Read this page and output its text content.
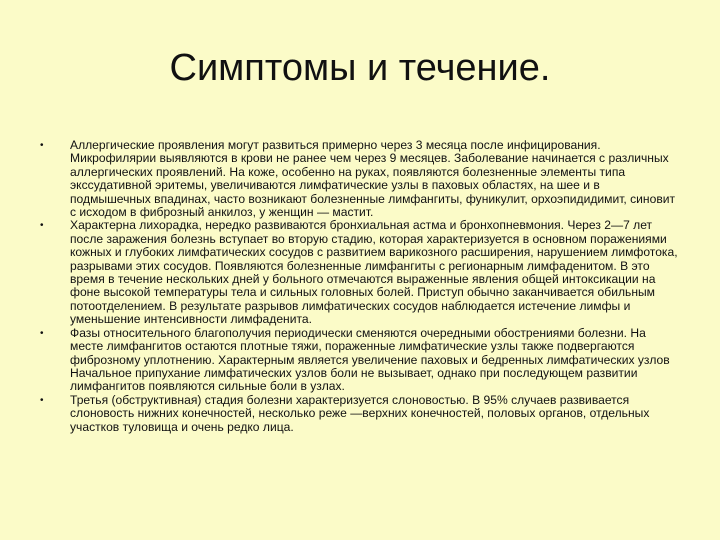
Симптомы и течение.
• Аллергические проявления могут развиться примерно через 3 месяца после инфицирования. Микрофилярии выявляются в крови не ранее чем через 9 месяцев. Заболевание начинается с различных аллергических проявлений. На коже, особенно на руках, появляются болезненные элементы типа экссудативной эритемы, увеличиваются лимфатические узлы в паховых областях, на шее и в подмышечных впадинах, часто возникают болезненные лимфангиты, фуникулит, орхоэпидидимит, синовит с исходом в фиброзный анкилоз, у женщин — мастит.
• Характерна лихорадка, нередко развиваются бронхиальная астма и бронхопневмония. Через 2—7 лет после заражения болезнь вступает во вторую стадию, которая характеризуется в основном поражениями кожных и глубоких лимфатических сосудов с развитием варикозного расширения, нарушением лимфотока, разрывами этих сосудов. Появляются болезненные лимфангиты с регионарным лимфаденитом. В это время в течение нескольких дней у больного отмечаются выраженные явления общей интоксикации на фоне высокой температуры тела и сильных головных болей. Приступ обычно заканчивается обильным потоотделением. В результате разрывов лимфатических сосудов наблюдается истечение лимфы и уменьшение интенсивности лимфаденита.
• Фазы относительного благополучия периодически сменяются очередными обострениями болезни. На месте лимфангитов остаются плотные тяжи, пораженные лимфатические узлы также подвергаются фиброзному уплотнению. Характерным является увеличение паховых и бедренных лимфатических узлов Начальное припухание лимфатических узлов боли не вызывает, однако при последующем развитии лимфангитов появляются сильные боли в узлах.
• Третья (обструктивная) стадия болезни характеризуется слоновостью. В 95% случаев развивается слоновость нижних конечностей, несколько реже —верхних конечностей, половых органов, отдельных участков туловища и очень редко лица.
